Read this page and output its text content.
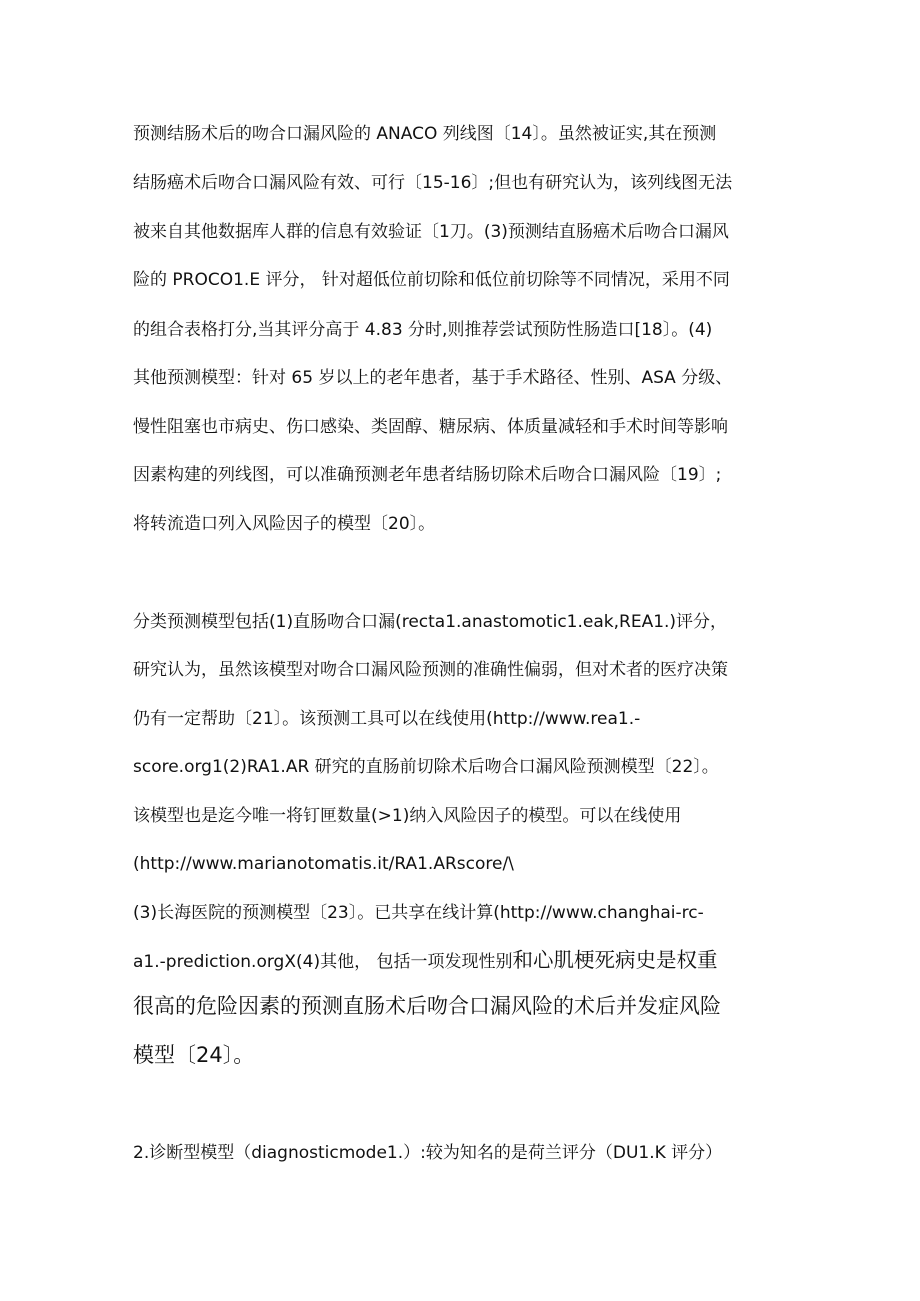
预测结肠术后的吻合口漏风险的 ANACO 列线图〔14〕。虽然被证实,其在预测
结肠癌术后吻合口漏风险有效、可行〔15-16〕;但也有研究认为，该列线图无法
被来自其他数据库人群的信息有效验证〔1刀。(3)预测结直肠癌术后吻合口漏风
险的 PROCO1.E 评分， 针对超低位前切除和低位前切除等不同情况，采用不同
的组合表格打分,当其评分高于 4.83 分时,则推荐尝试预防性肠造口[18〕。(4)
其他预测模型：针对 65 岁以上的老年患者，基于手术路径、性别、ASA 分级、
慢性阻塞也市病史、伤口感染、类固醇、糖尿病、体质量减轻和手术时间等影响
因素构建的列线图，可以准确预测老年患者结肠切除术后吻合口漏风险〔19〕;
将转流造口列入风险因子的模型〔20〕。
分类预测模型包括(1)直肠吻合口漏(recta1.anastomotic1.eak,REA1.)评分，
研究认为，虽然该模型对吻合口漏风险预测的准确性偏弱，但对术者的医疗决策
仍有一定帮助〔21〕。该预测工具可以在线使用(http://www.rea1.-
score.org1(2)RA1.AR 研究的直肠前切除术后吻合口漏风险预测模型〔22〕。
该模型也是迄今唯一将钉匣数量(>1)纳入风险因子的模型。可以在线使用
(http://www.marianotomatis.it/RA1.ARscore/\
(3)长海医院的预测模型〔23〕。已共享在线计算(http://www.changhai-rc-
a1.-prediction.orgX(4)其他， 包括一项发现性别和心肌梗死病史是权重
很高的危险因素的预测直肠术后吻合口漏风险的术后并发症风险
模型〔24〕。
2.诊断型模型（diagnosticmode1.）:较为知名的是荷兰评分（DU1.K 评分）
